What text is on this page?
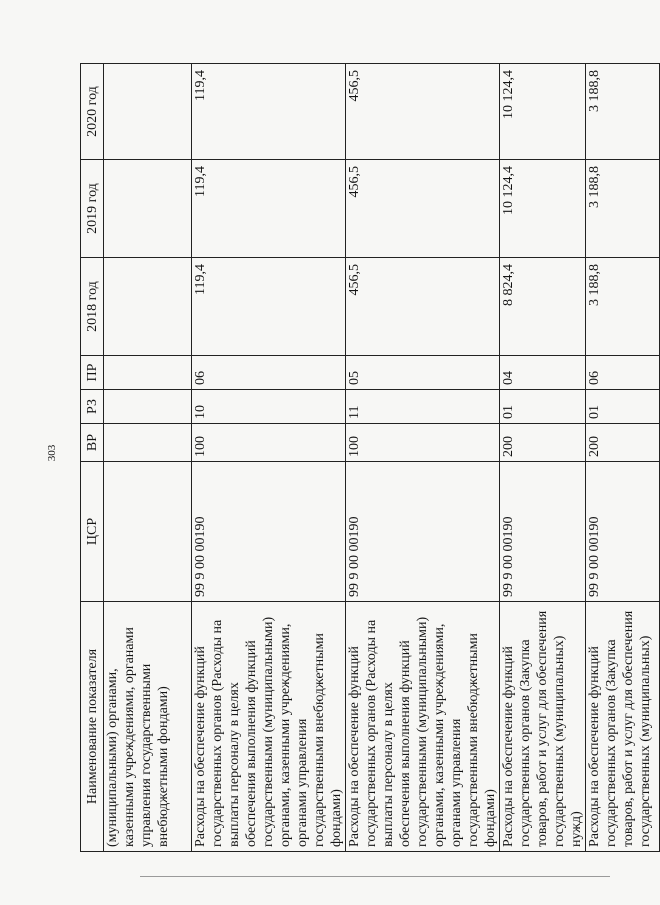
303
Наименование показателя	ЦСР	ВР	РЗ	ПР	2018 год	2019 год	2020 год
(муниципальными) органами, казенными учреждениями, органами управления государственными внебюджетными фондами)							
Расходы на обеспечение функций государственных органов (Расходы на выплаты персоналу в целях обеспечения выполнения функций государственными (муниципальными) органами, казенными учреждениями, органами управления государственными внебюджетными фондами)	99 9 00 00190	100	10	06	119,4	119,4	119,4
Расходы на обеспечение функций государственных органов (Расходы на выплаты персоналу в целях обеспечения выполнения функций государственными (муниципальными) органами, казенными учреждениями, органами управления государственными внебюджетными фондами)	99 9 00 00190	100	11	05	456,5	456,5	456,5
Расходы на обеспечение функций государственных органов (Закупка товаров, работ и услуг для обеспечения государственных (муниципальных) нужд)	99 9 00 00190	200	01	04	8 824,4	10 124,4	10 124,4
Расходы на обеспечение функций государственных органов (Закупка товаров, работ и услуг для обеспечения государственных (муниципальных)	99 9 00 00190	200	01	06	3 188,8	3 188,8	3 188,8
